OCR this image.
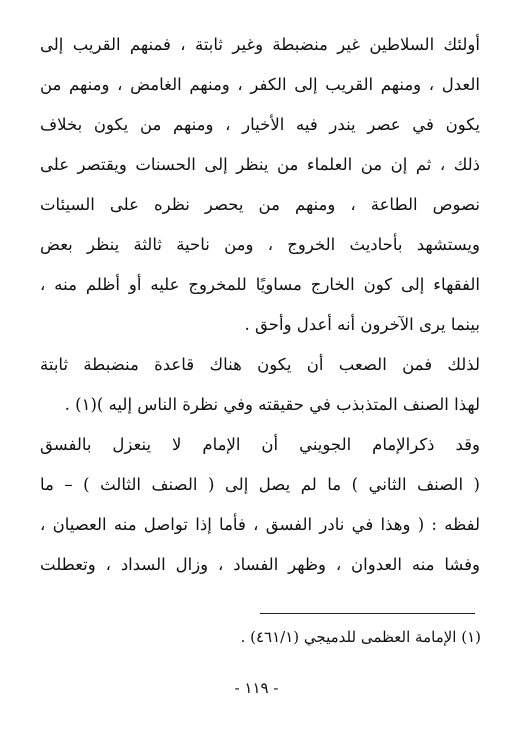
أولئك السلاطين غير منضبطة وغير ثابتة ، فمنهم القريب إلى
العدل ، ومنهم القريب إلى الكفر ، ومنهم الغامض ، ومنهم من
يكون في عصر يندر فيه الأخيار ، ومنهم من يكون بخلاف
ذلك ، ثم إن من العلماء من ينظر إلى الحسنات ويقتصر على
نصوص الطاعة ، ومنهم من يحصر نظره على السيئات
ويستشهد بأحاديث الخروج ، ومن ناحية ثالثة ينظر بعض
الفقهاء إلى كون الخارج مساويًا للمخروج عليه أو أظلم منه ،
بينما يرى الآخرون أنه أعدل وأحق .
لذلك فمن الصعب أن يكون هناك قاعدة منضبطة ثابتة
لهذا الصنف المتذبذب في حقيقته وفي نظرة الناس إليه )(١) .
وقد ذكرالإمام الجويني أن الإمام لا ينعزل بالفسق
( الصنف الثاني ) ما لم يصل إلى ( الصنف الثالث ) – ما
لفظه : ( وهذا في نادر الفسق ، فأما إذا تواصل منه العصيان ،
وفشا منه العدوان ، وظهر الفساد ، وزال السداد ، وتعطلت
(١) الإمامة العظمى للدميجي (٤٦١/١) .
- ١١٩ -
